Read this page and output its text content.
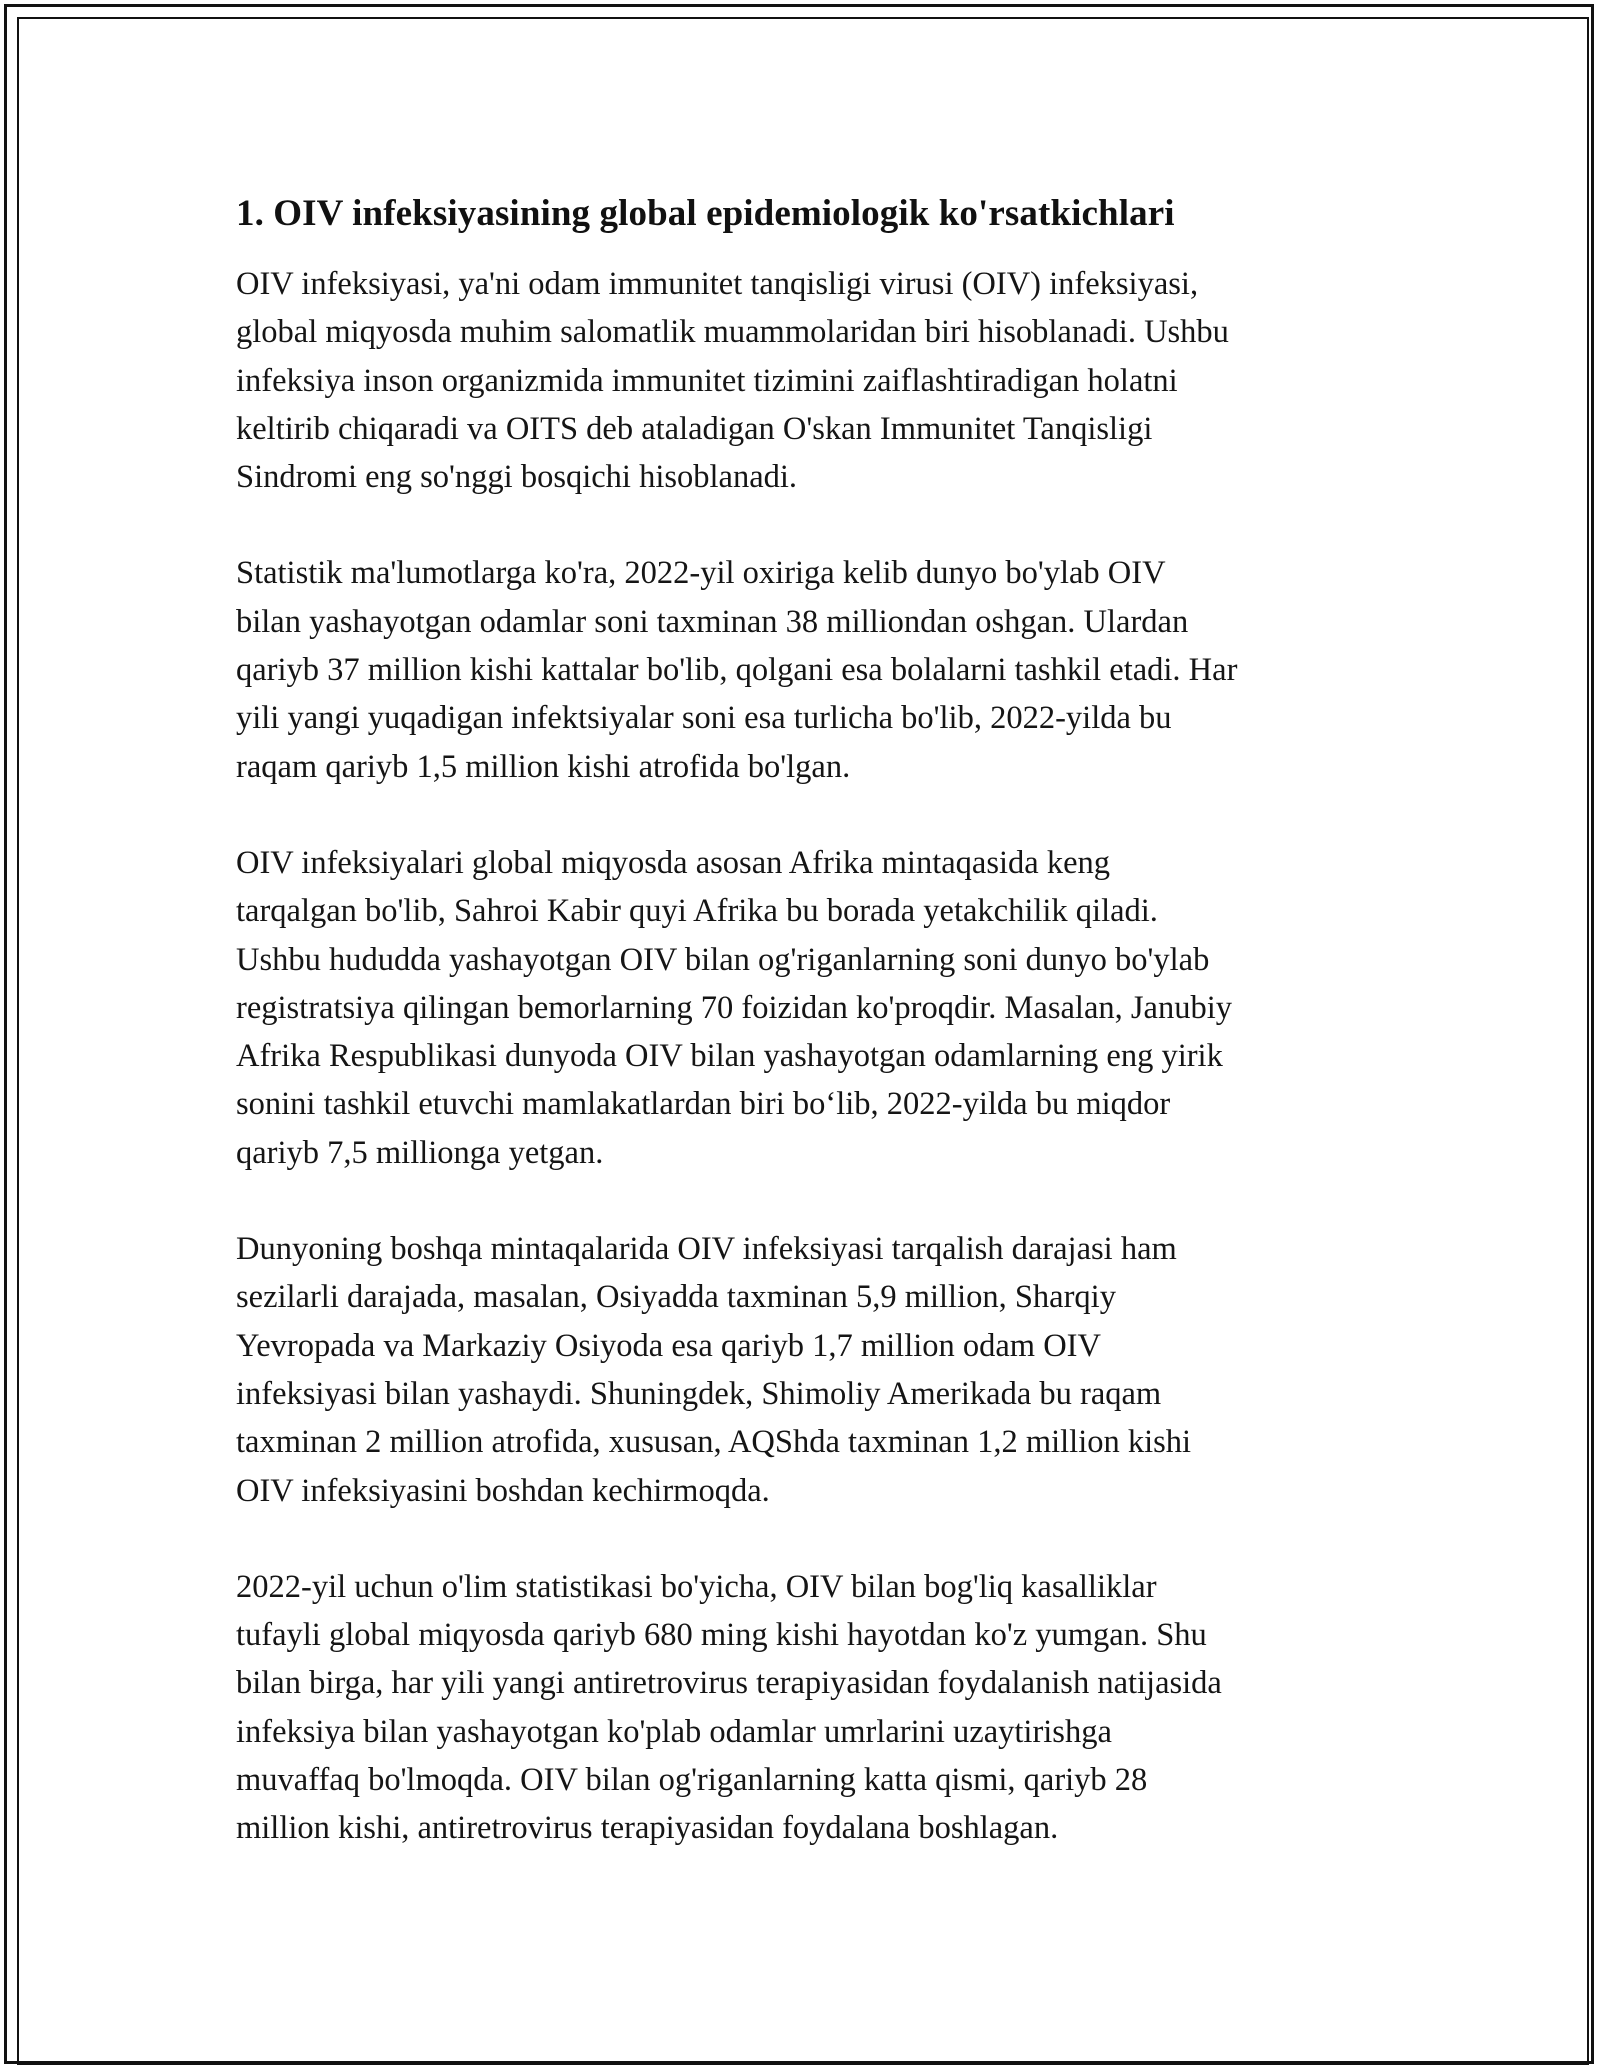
1. OIV infeksiyasining global epidemiologik ko'rsatkichlari

OIV infeksiyasi, ya'ni odam immunitet tanqisligi virusi (OIV) infeksiyasi,
global miqyosda muhim salomatlik muammolaridan biri hisoblanadi. Ushbu
infeksiya inson organizmida immunitet tizimini zaiflashtiradigan holatni
keltirib chiqaradi va OITS deb ataladigan O'skan Immunitet Tanqisligi
Sindromi eng so'nggi bosqichi hisoblanadi.

Statistik ma'lumotlarga ko'ra, 2022-yil oxiriga kelib dunyo bo'ylab OIV
bilan yashayotgan odamlar soni taxminan 38 milliondan oshgan. Ulardan
qariyb 37 million kishi kattalar bo'lib, qolgani esa bolalarni tashkil etadi. Har
yili yangi yuqadigan infektsiyalar soni esa turlicha bo'lib, 2022-yilda bu
raqam qariyb 1,5 million kishi atrofida bo'lgan.

OIV infeksiyalari global miqyosda asosan Afrika mintaqasida keng
tarqalgan bo'lib, Sahroi Kabir quyi Afrika bu borada yetakchilik qiladi.
Ushbu hududda yashayotgan OIV bilan og'riganlarning soni dunyo bo'ylab
registratsiya qilingan bemorlarning 70 foizidan ko'proqdir. Masalan, Janubiy
Afrika Respublikasi dunyoda OIV bilan yashayotgan odamlarning eng yirik
sonini tashkil etuvchi mamlakatlardan biri bo‘lib, 2022-yilda bu miqdor
qariyb 7,5 millionga yetgan.

Dunyoning boshqa mintaqalarida OIV infeksiyasi tarqalish darajasi ham
sezilarli darajada, masalan, Osiyadda taxminan 5,9 million, Sharqiy
Yevropada va Markaziy Osiyoda esa qariyb 1,7 million odam OIV
infeksiyasi bilan yashaydi. Shuningdek, Shimoliy Amerikada bu raqam
taxminan 2 million atrofida, xususan, AQShda taxminan 1,2 million kishi
OIV infeksiyasini boshdan kechirmoqda.

2022-yil uchun o'lim statistikasi bo'yicha, OIV bilan bog'liq kasalliklar
tufayli global miqyosda qariyb 680 ming kishi hayotdan ko'z yumgan. Shu
bilan birga, har yili yangi antiretrovirus terapiyasidan foydalanish natijasida
infeksiya bilan yashayotgan ko'plab odamlar umrlarini uzaytirishga
muvaffaq bo'lmoqda. OIV bilan og'riganlarning katta qismi, qariyb 28
million kishi, antiretrovirus terapiyasidan foydalana boshlagan.
